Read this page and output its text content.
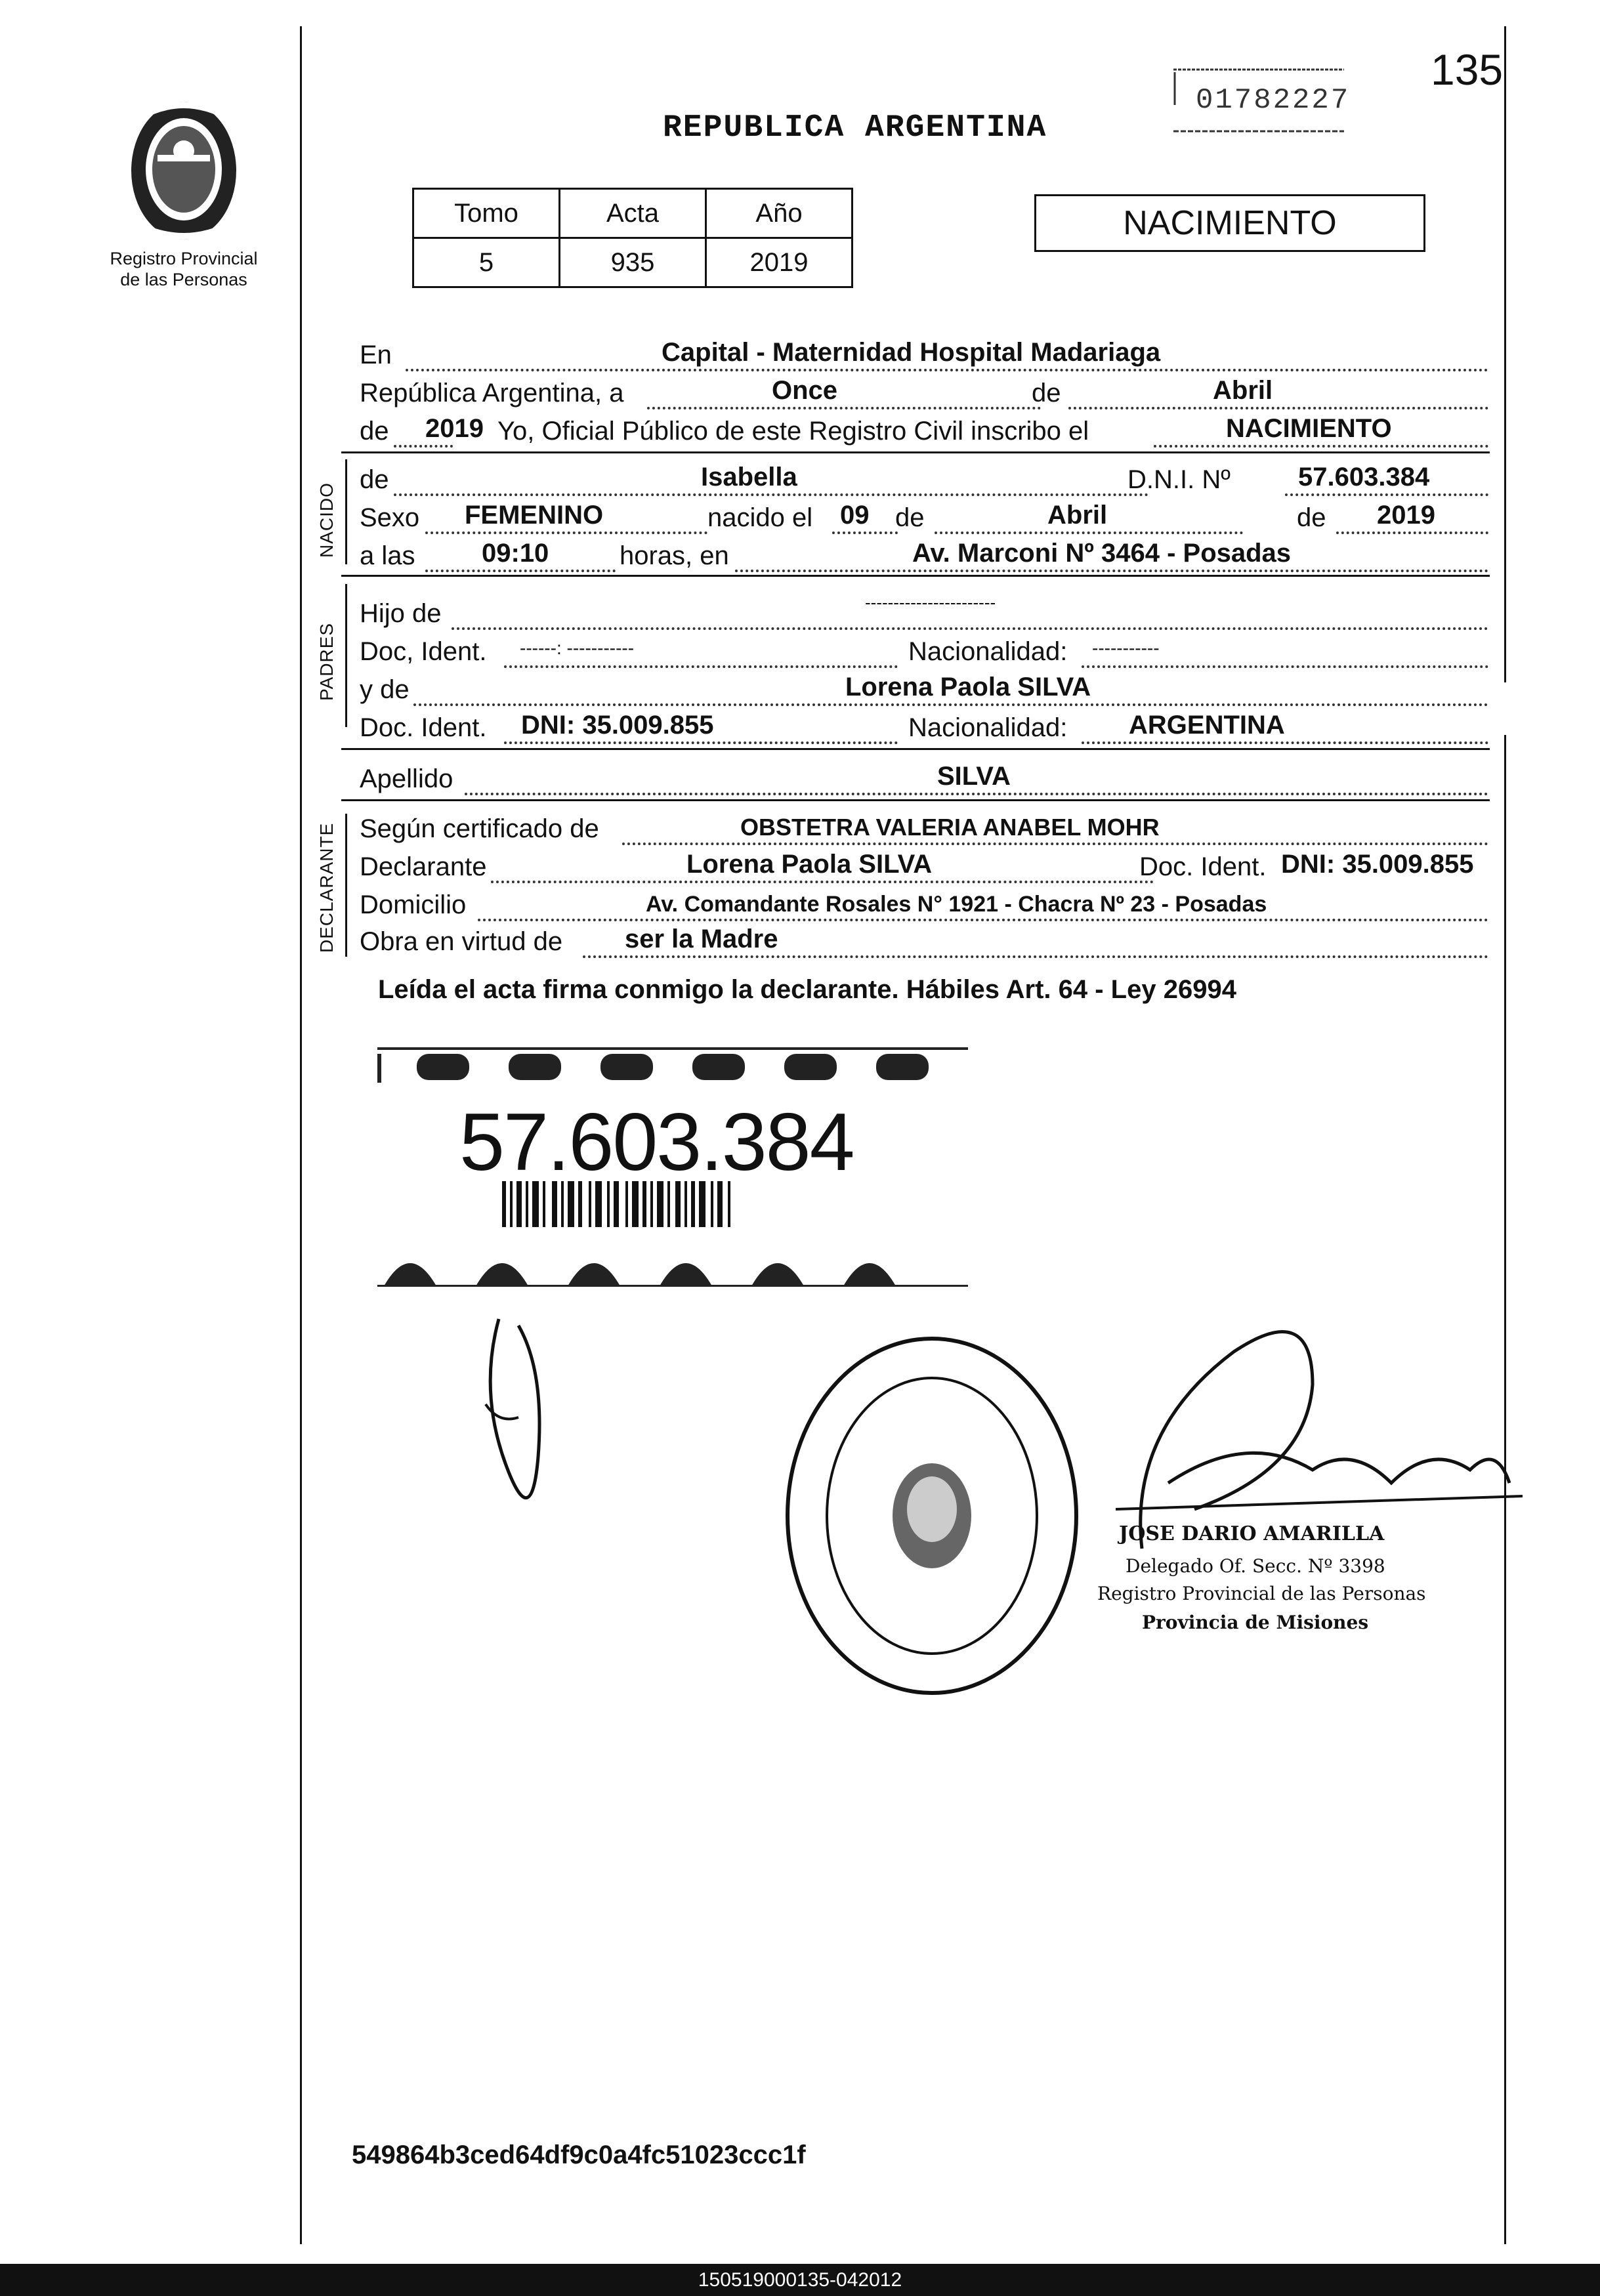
Registro Provincial
de las Personas
REPUBLICA ARGENTINA
01782227
135
Tomo	Acta	Año
5	935	2019
NACIMIENTO
En	Capital - Maternidad Hospital Madariaga
República Argentina, a	Once	de	Abril
de 2019 Yo, Oficial Público de este Registro Civil inscribo el	NACIMIENTO
NACIDO
de	Isabella	D.N.I. Nº	57.603.384
Sexo FEMENINO	nacido el 09 de	Abril	de 2019
a las	09:10	horas, en	Av. Marconi Nº 3464 - Posadas
PADRES
Hijo de	-----------------------
Doc, Ident. ------: -----------	Nacionalidad: -----------
y de	Lorena Paola SILVA
Doc. Ident. DNI: 35.009.855	Nacionalidad: ARGENTINA
Apellido	SILVA
DECLARANTE Según certificado de	OBSTETRA VALERIA ANABEL MOHR
Declarante	Lorena Paola SILVA	Doc. Ident. DNI: 35.009.855
Domicilio	Av. Comandante Rosales N° 1921 - Chacra Nº 23 - Posadas
Obra en virtud de ser la Madre
Leída el acta firma conmigo la declarante. Hábiles Art. 64 - Ley 26994
57.603.384
JOSE DARIO AMARILLA
Delegado Of. Secc. Nº 3398
Registro Provincial de las Personas
Provincia de Misiones
549864b3ced64df9c0a4fc51023ccc1f
150519000135-042012
